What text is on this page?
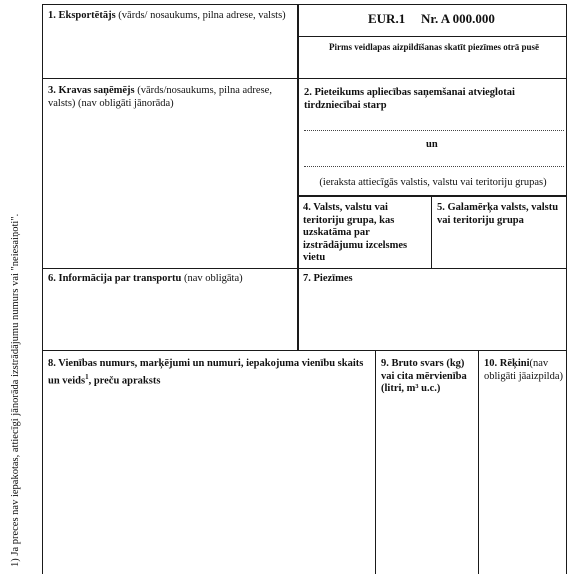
1) Ja preces nav iepakotas, attiecīgi jānorāda izstrādājumu numurs vai "neiesaiņoti".
EUR.1 Nr. A 000.000
Pirms veidlapas aizpildīšanas skatīt piezīmes otrā pusē
1. Eksportētājs (vārds/ nosaukums, pilna adrese, valsts)
3. Kravas saņēmējs (vārds/nosaukums, pilna adrese, valsts) (nav obligāti jānorāda)
2. Pieteikums apliecības saņemšanai atvieglotai tirdzniecībai starp
un
(ieraksta attiecīgās valstis, valstu vai teritoriju grupas)
4. Valsts, valstu vai teritoriju grupa, kas uzskatāma par izstrādājumu izcelsmes vietu
5. Galamērķa valsts, valstu vai teritoriju grupa
6. Informācija par transportu (nav obligāta)	7. Piezīmes
8. Vienības numurs, marķējumi un numuri, iepakojuma vienību skaits un veids$^1$, preču apraksts
9. Bruto svars (kg) vai cita mērvienība (litri, m³ u.c.)
10. Rēķini(nav obligāti jāaizpilda)
